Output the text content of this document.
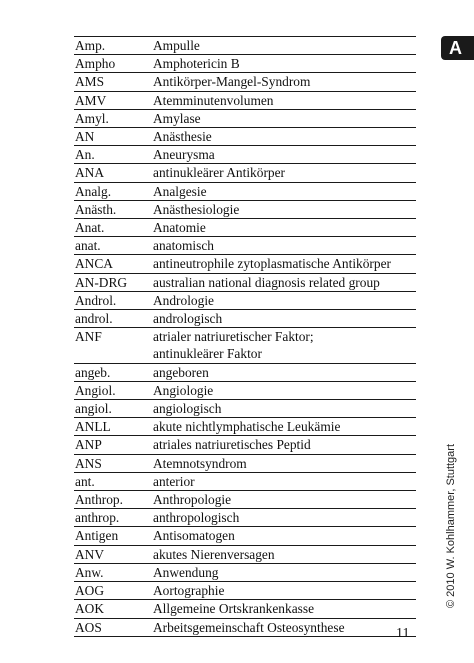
A
Amp.	Ampulle
Ampho	Amphotericin B
AMS	Antikörper-Mangel-Syndrom
AMV	Atemminutenvolumen
Amyl.	Amylase
AN	Anästhesie
An.	Aneurysma
ANA	antinukleärer Antikörper
Analg.	Analgesie
Anästh.	Anästhesiologie
Anat.	Anatomie
anat.	anatomisch
ANCA	antineutrophile zytoplasmatische Antikörper
AN-DRG	australian national diagnosis related group
Androl.	Andrologie
androl.	andrologisch
ANF	atrialer natriuretischer Faktor;
antinukleärer Faktor
angeb.	angeboren
Angiol.	Angiologie
angiol.	angiologisch
ANLL	akute nichtlymphatische Leukämie
ANP	atriales natriuretisches Peptid
ANS	Atemnotsyndrom
ant.	anterior
Anthrop.	Anthropologie
anthrop.	anthropologisch
Antigen	Antisomatogen
ANV	akutes Nierenversagen
Anw.	Anwendung
AOG	Aortographie
AOK	Allgemeine Ortskrankenkasse
AOS	Arbeitsgemeinschaft Osteosynthese
© 2010 W. Kohlhammer, Stuttgart
11
